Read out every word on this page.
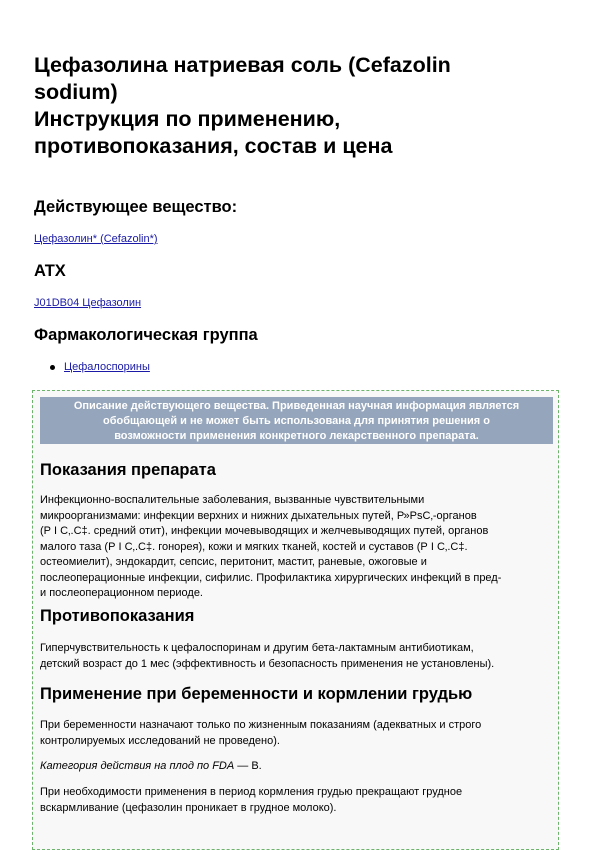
Цефазолина натриевая соль (Cefazolin
sodium)
Инструкция по применению,
противопоказания, состав и цена
Действующее вещество:
Цефазолин* (Cefazolin*)
ATX
J01DB04 Цефазолин
Фармакологическая группа
Цефалоспорины
Описание действующего вещества. Приведенная научная информация является
обобщающей и не может быть использована для принятия решения о
возможности применения конкретного лекарственного препарата.
Показания препарата
Инфекционно-воспалительные заболевания, вызванные чувствительными
микроорганизмами: инфекции верхних и нижних дыхательных путей, Р»РѕС‚-органов
(Р І С‚.С‡. средний отит), инфекции мочевыводящих и желчевыводящих путей, органов
малого таза (Р І С‚.С‡. гонорея), кожи и мягких тканей, костей и суставов (Р І С‚.С‡.
остеомиелит), эндокардит, сепсис, перитонит, мастит, раневые, ожоговые и
послеоперационные инфекции, сифилис. Профилактика хирургических инфекций в пред-
и послеоперационном периоде.
Противопоказания
Гиперчувствительность к цефалоспоринам и другим бета-лактамным антибиотикам,
детский возраст до 1 мес (эффективность и безопасность применения не установлены).
Применение при беременности и кормлении грудью
При беременности назначают только по жизненным показаниям (адекватных и строго
контролируемых исследований не проведено).
Категория действия на плод по FDA — B.
При необходимости применения в период кормления грудью прекращают грудное
вскармливание (цефазолин проникает в грудное молоко).
